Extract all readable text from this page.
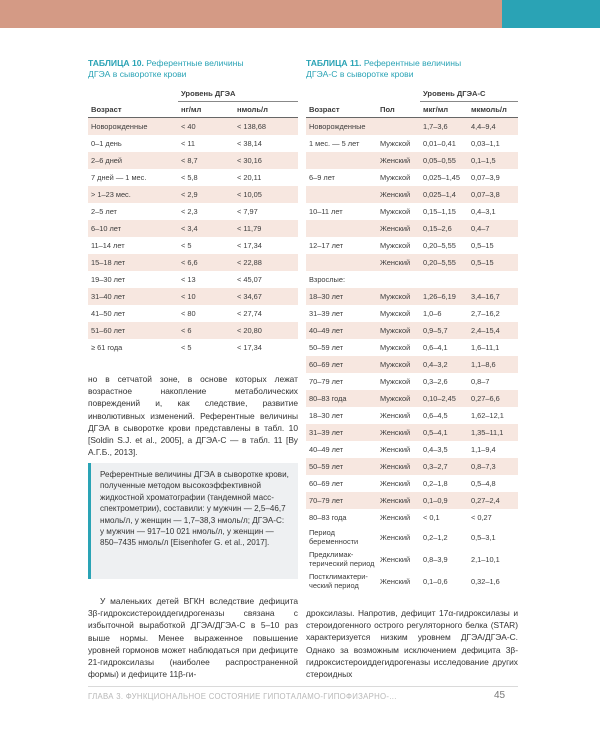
ТАБЛИЦА 10. Референтные величины
ДГЭА в сыворотке крови
	Уровень ДГЭА	
Возраст	нг/мл	нмоль/л
Новорожденные	< 40	< 138,68
0–1 день	< 11	< 38,14
2–6 дней	< 8,7	< 30,16
7 дней — 1 мес.	< 5,8	< 20,11
> 1–23 мес.	< 2,9	< 10,05
2–5 лет	< 2,3	< 7,97
6–10 лет	< 3,4	< 11,79
11–14 лет	< 5	< 17,34
15–18 лет	< 6,6	< 22,88
19–30 лет	< 13	< 45,07
31–40 лет	< 10	< 34,67
41–50 лет	< 80	< 27,74
51–60 лет	< 6	< 20,80
≥ 61 года	< 5	< 17,34
но в сетчатой зоне, в основе которых лежат возрастное накопление метаболических повреждений и, как следствие, развитие инволютивных изменений. Референтные величины ДГЭА в сыворотке крови представлены в табл. 10 [Soldin S.J. et al., 2005], а ДГЭА-С — в табл. 11 [Ву А.Г.Б., 2013].
Референтные величины ДГЭА в сыворотке крови, полученные методом высокоэффективной жидкостной хроматографии (тандемной масс-спектрометрии), составили: у мужчин — 2,5–46,7 нмоль/л, у женщин — 1,7–38,3 нмоль/л; ДГЭА-С: у мужчин — 917–10 021 нмоль/л, у женщин —850–7435 нмоль/л [Eisenhofer G. et al., 2017].
У маленьких детей ВГКН вследствие дефицита 3β-гидроксистероиддегидрогеназы связана с избыточной выработкой ДГЭА/ДГЭА-С в 5–10 раз выше нормы. Менее выраженное повышение уровней гормонов может наблюдаться при дефиците 21-гидроксилазы (наиболее распространенной формы) и дефиците 11β-ги-
ТАБЛИЦА 11. Референтные величины
ДГЭА-С в сыворотке крови
		Уровень ДГЭА-С	
Возраст	Пол	мкг/мл	мкмоль/л
Новорожденные		1,7–3,6	4,4–9,4
1 мес. — 5 лет	Мужской	0,01–0,41	0,03–1,1
	Женский	0,05–0,55	0,1–1,5
6–9 лет	Мужской	0,025–1,45	0,07–3,9
	Женский	0,025–1,4	0,07–3,8
10–11 лет	Мужской	0,15–1,15	0,4–3,1
	Женский	0,15–2,6	0,4–7
12–17 лет	Мужской	0,20–5,55	0,5–15
	Женский	0,20–5,55	0,5–15
Взрослые:			
18–30 лет	Мужской	1,26–6,19	3,4–16,7
31–39 лет	Мужской	1,0–6	2,7–16,2
40–49 лет	Мужской	0,9–5,7	2,4–15,4
50–59 лет	Мужской	0,6–4,1	1,6–11,1
60–69 лет	Мужской	0,4–3,2	1,1–8,6
70–79 лет	Мужской	0,3–2,6	0,8–7
80–83 года	Мужской	0,10–2,45	0,27–6,6
18–30 лет	Женский	0,6–4,5	1,62–12,1
31–39 лет	Женский	0,5–4,1	1,35–11,1
40–49 лет	Женский	0,4–3,5	1,1–9,4
50–59 лет	Женский	0,3–2,7	0,8–7,3
60–69 лет	Женский	0,2–1,8	0,5–4,8
70–79 лет	Женский	0,1–0,9	0,27–2,4
80–83 года	Женский	< 0,1	< 0,27
Период беременности	Женский	0,2–1,2	0,5–3,1
Предклимак-терический период	Женский	0,8–3,9	2,1–10,1
Постклимактери-ческий период	Женский	0,1–0,6	0,32–1,6
дроксилазы. Напротив, дефицит 17α-гидроксилазы и стероидогенного острого регуляторного белка (STAR) характеризуется низким уровнем ДГЭА/ДГЭА-С. Однако за возможным исключением дефицита 3β-гидроксистероиддегидрогеназы исследование других стероидных
ГЛАВА 3. ФУНКЦИОНАЛЬНОЕ СОСТОЯНИЕ ГИПОТАЛАМО-ГИПОФИЗАРНО-...	45
